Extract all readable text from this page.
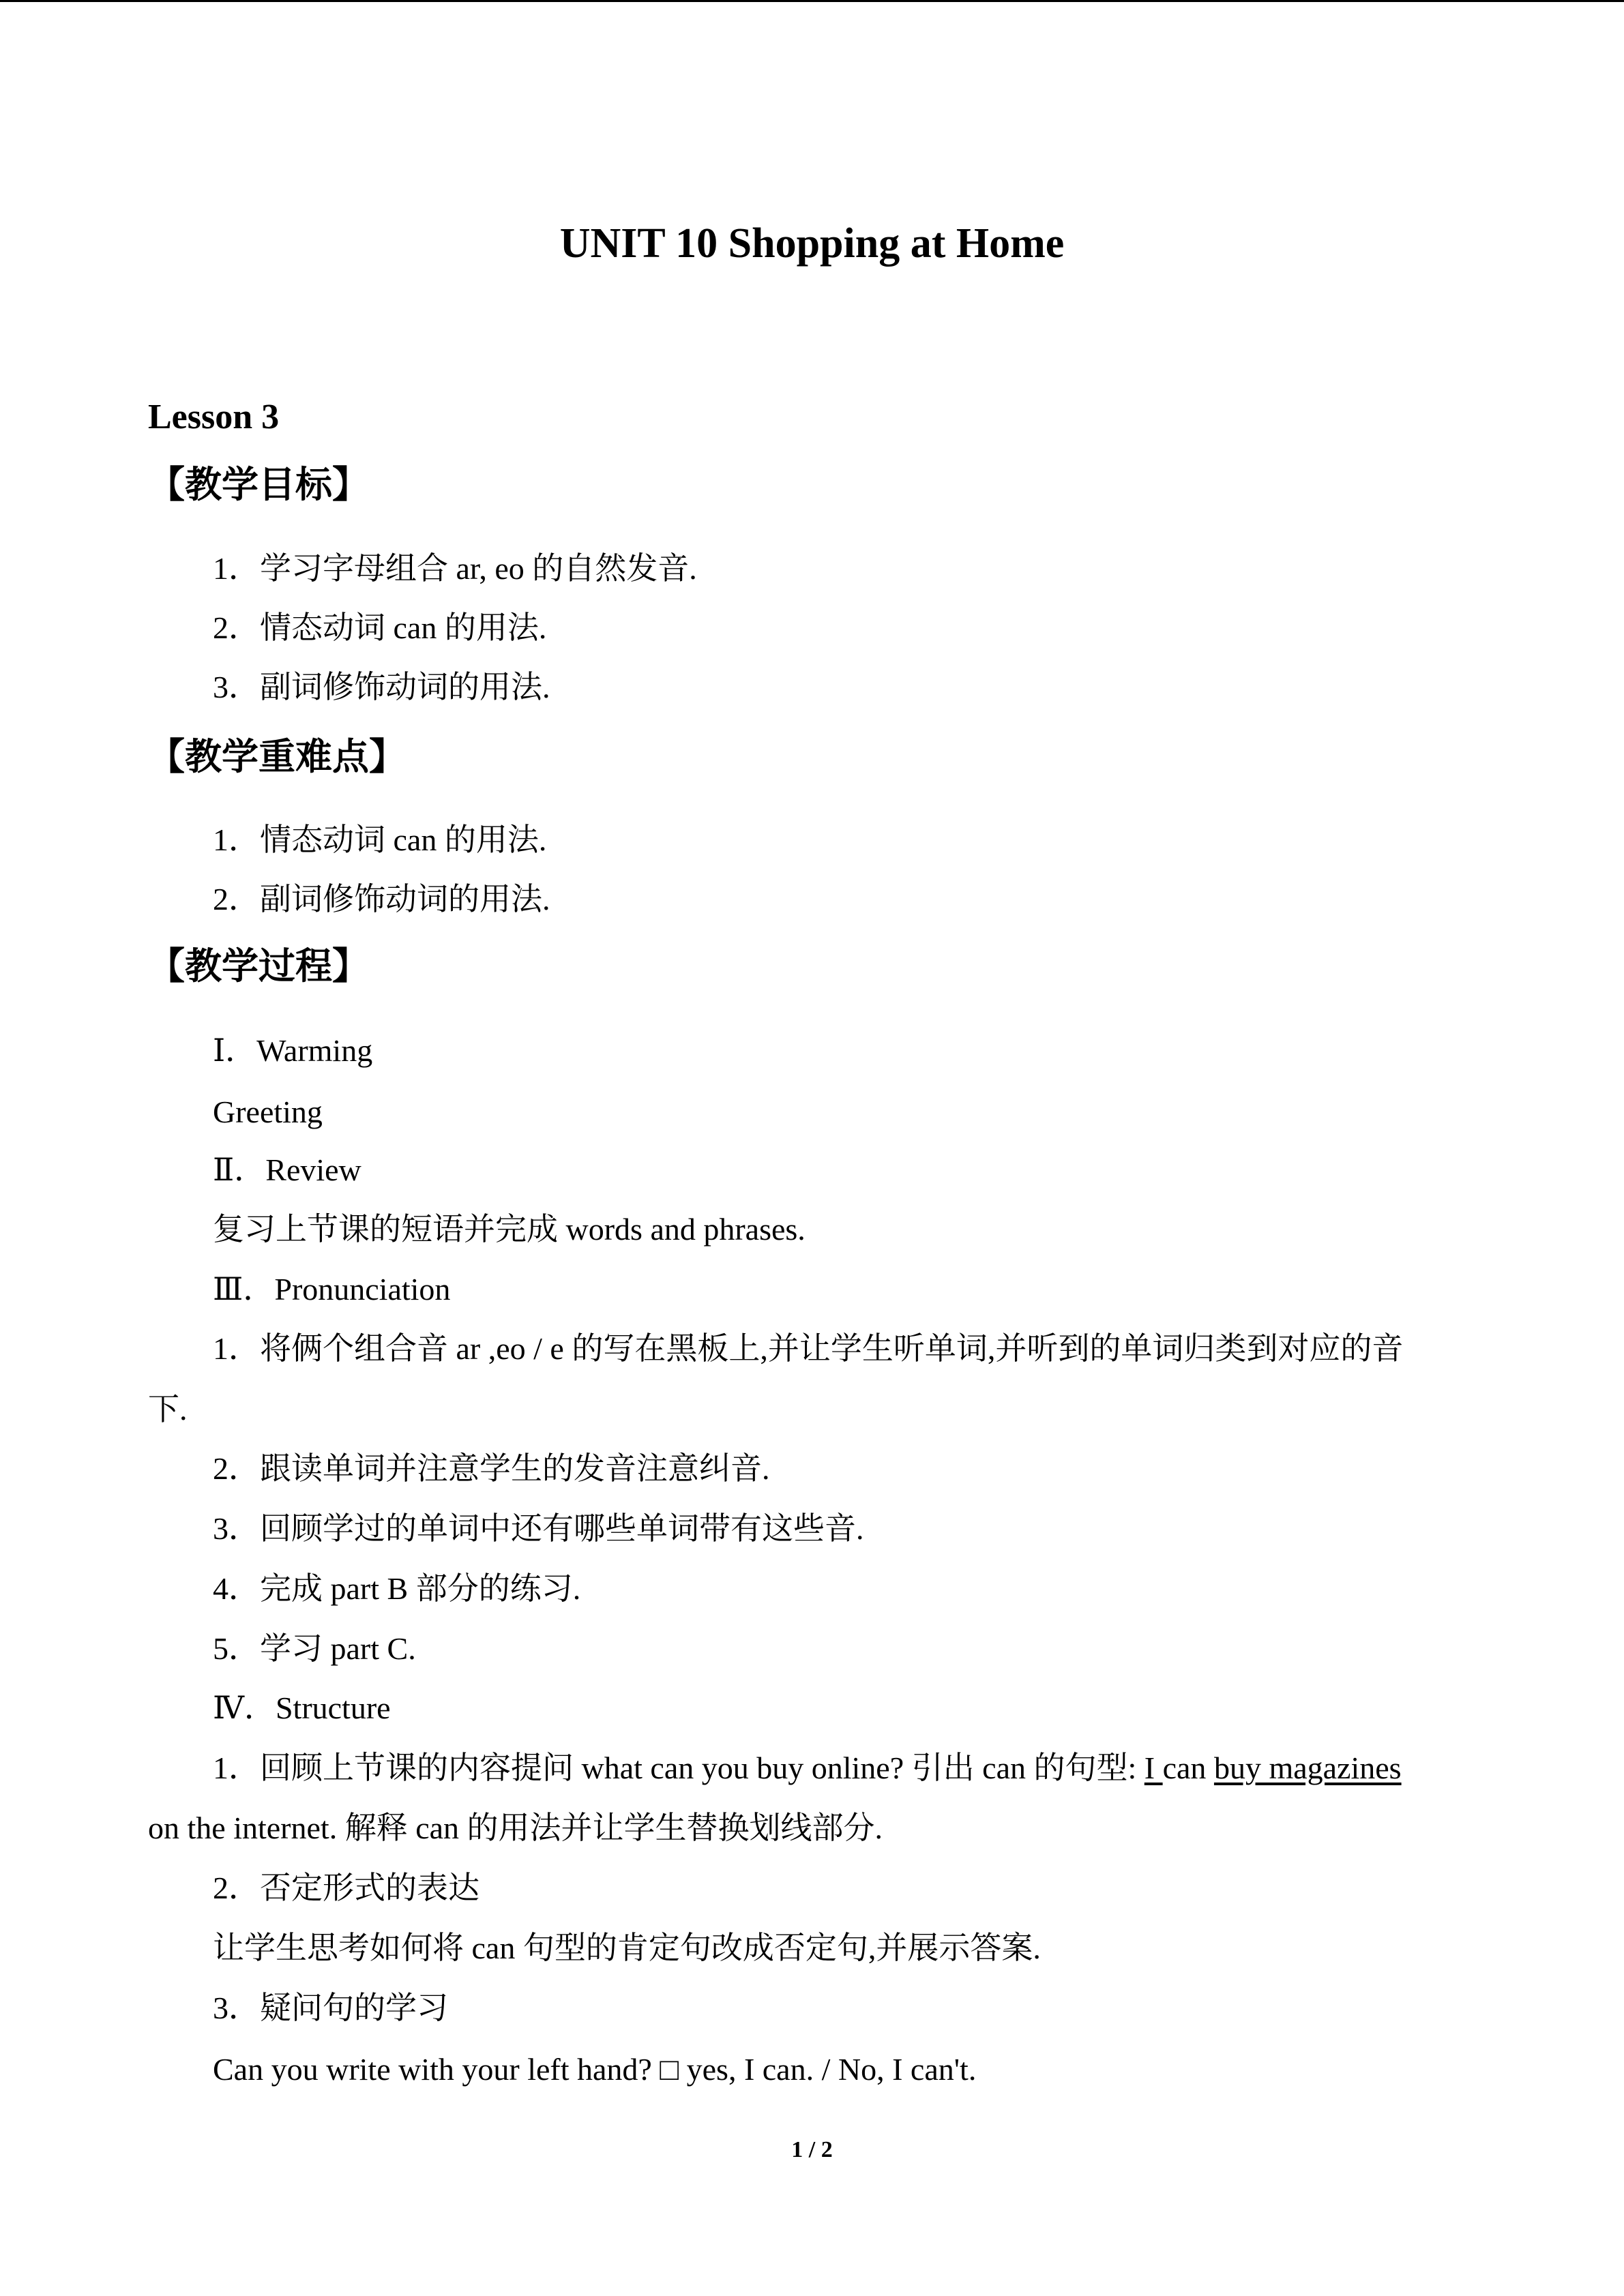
UNIT 10 Shopping at Home
Lesson 3
【教学目标】
1．学习字母组合 ar, eo 的自然发音.
2．情态动词 can 的用法.
3．副词修饰动词的用法.
【教学重难点】
1．情态动词 can 的用法.
2．副词修饰动词的用法.
【教学过程】
Ⅰ．Warming
Greeting
Ⅱ．Review
复习上节课的短语并完成 words and phrases.
Ⅲ．Pronunciation
1．将俩个组合音 ar ,eo / e 的写在黑板上,并让学生听单词,并听到的单词归类到对应的音
下.
2．跟读单词并注意学生的发音注意纠音.
3．回顾学过的单词中还有哪些单词带有这些音.
4．完成 part B 部分的练习.
5．学习 part C.
Ⅳ．Structure
1．回顾上节课的内容提问 what can you buy online? 引出 can 的句型: I can buy magazines
on the internet. 解释 can 的用法并让学生替换划线部分.
2．否定形式的表达
让学生思考如何将 can 句型的肯定句改成否定句,并展示答案.
3．疑问句的学习
Can you write with your left hand? □ yes, I can. / No, I can't.
1 / 2
